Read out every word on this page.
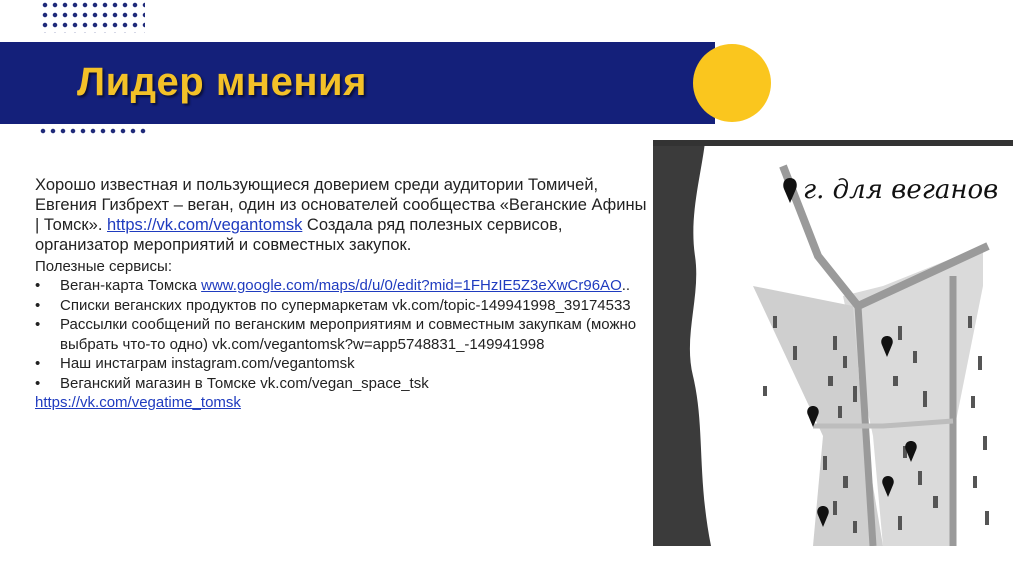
Лидер мнения

Хорошо известная и пользующиеся доверием среди аудитории Томичей, Евгения Гизбрехт – веган, один из основателей сообщества «Веганские Афины | Томск». https://vk.com/vegantomsk Создала ряд полезных сервисов, организатор мероприятий и совместных закупок.

Полезные сервисы:

• Веган-карта Томска www.google.com/maps/d/u/0/edit?mid=1FHzIE5Z3eXwCr96AO..
• Списки веганских продуктов по супермаркетам vk.com/topic-149941998_39174533
• Рассылки сообщений по веганским мероприятиям и совместным закупкам (можно выбрать что-то одно) vk.com/vegantomsk?w=app5748831_-149941998
• Наш инстаграм instagram.com/vegantomsk
• Веганский магазин в Томске vk.com/vegan_space_tsk
https://vk.com/vegatime_tomsk
г. для веганов
